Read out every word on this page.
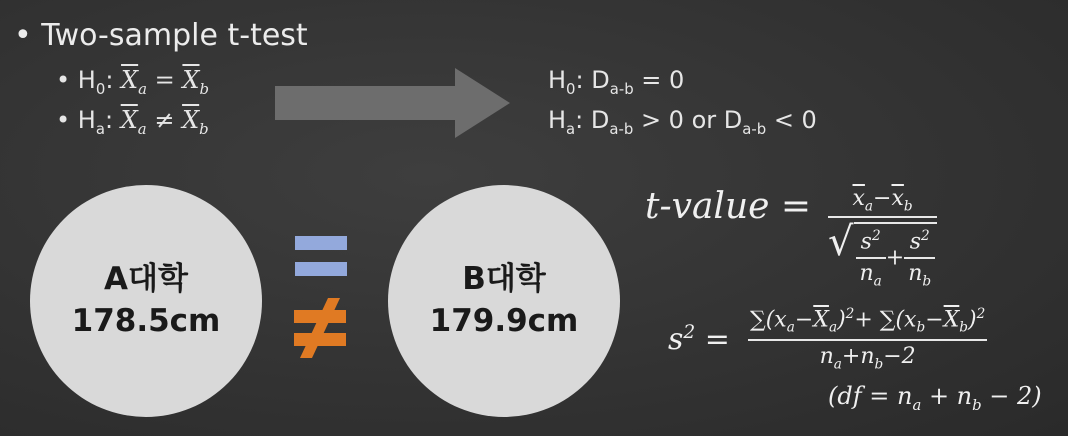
• Two-sample t-test
• $H_0$: $\overline{X}_a = \overline{X}_b$
• $H_a$: $\overline{X}_a \ne \overline{X}_b$
$H_0$: $D_{a-b} = 0$
$H_a$: $D_{a-b} > 0$ or $D_{a-b} < 0$
A대학
178.5cm
B대학
179.9cm
t-value =	$\overline{x}_a-\overline{x}_b$
√ $\frac{s^2}{n_a} + \frac{s^2}{n_b}$
$s^2$ =
$\sum(x_a-\overline{X}_a)^2+ \sum(x_b-\overline{X}_b)^2$
$n_a+n_b-2$
$(df = n_a + n_b - 2)$
